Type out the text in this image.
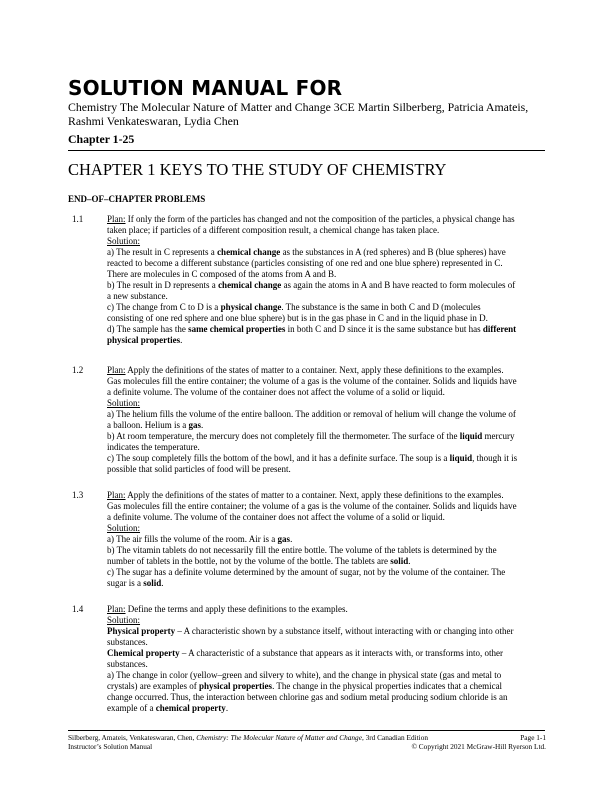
SOLUTION MANUAL FOR
Chemistry The Molecular Nature of Matter and Change 3CE Martin Silberberg, Patricia Amateis,
Rashmi Venkateswaran, Lydia Chen
Chapter 1-25
CHAPTER 1 KEYS TO THE STUDY OF CHEMISTRY
END–OF–CHAPTER PROBLEMS
1.1	Plan: If only the form of the particles has changed and not the composition of the particles, a physical change has
taken place; if particles of a different composition result, a chemical change has taken place.
Solution:
a) The result in C represents a chemical change as the substances in A (red spheres) and B (blue spheres) have
reacted to become a different substance (particles consisting of one red and one blue sphere) represented in C.
There are molecules in C composed of the atoms from A and B.
b) The result in D represents a chemical change as again the atoms in A and B have reacted to form molecules of
a new substance.
c) The change from C to D is a physical change. The substance is the same in both C and D (molecules
consisting of one red sphere and one blue sphere) but is in the gas phase in C and in the liquid phase in D.
d) The sample has the same chemical properties in both C and D since it is the same substance but has different
physical properties.
1.2	Plan: Apply the definitions of the states of matter to a container. Next, apply these definitions to the examples.
Gas molecules fill the entire container; the volume of a gas is the volume of the container. Solids and liquids have
a definite volume. The volume of the container does not affect the volume of a solid or liquid.
Solution:
a) The helium fills the volume of the entire balloon. The addition or removal of helium will change the volume of
a balloon. Helium is a gas.
b) At room temperature, the mercury does not completely fill the thermometer. The surface of the liquid mercury
indicates the temperature.
c) The soup completely fills the bottom of the bowl, and it has a definite surface. The soup is a liquid, though it is
possible that solid particles of food will be present.
1.3	Plan: Apply the definitions of the states of matter to a container. Next, apply these definitions to the examples.
Gas molecules fill the entire container; the volume of a gas is the volume of the container. Solids and liquids have
a definite volume. The volume of the container does not affect the volume of a solid or liquid.
Solution:
a) The air fills the volume of the room. Air is a gas.
b) The vitamin tablets do not necessarily fill the entire bottle. The volume of the tablets is determined by the
number of tablets in the bottle, not by the volume of the bottle. The tablets are solid.
c) The sugar has a definite volume determined by the amount of sugar, not by the volume of the container. The
sugar is a solid.
1.4	Plan: Define the terms and apply these definitions to the examples.
Solution:
Physical property – A characteristic shown by a substance itself, without interacting with or changing into other
substances.
Chemical property – A characteristic of a substance that appears as it interacts with, or transforms into, other
substances.
a) The change in color (yellow–green and silvery to white), and the change in physical state (gas and metal to
crystals) are examples of physical properties. The change in the physical properties indicates that a chemical
change occurred. Thus, the interaction between chlorine gas and sodium metal producing sodium chloride is an
example of a chemical property.
Silberberg, Amateis, Venkateswaran, Chen, Chemistry: The Molecular Nature of Matter and Change, 3rd Canadian Edition	Page 1-1
Instructor’s Solution Manual	© Copyright 2021 McGraw-Hill Ryerson Ltd.
